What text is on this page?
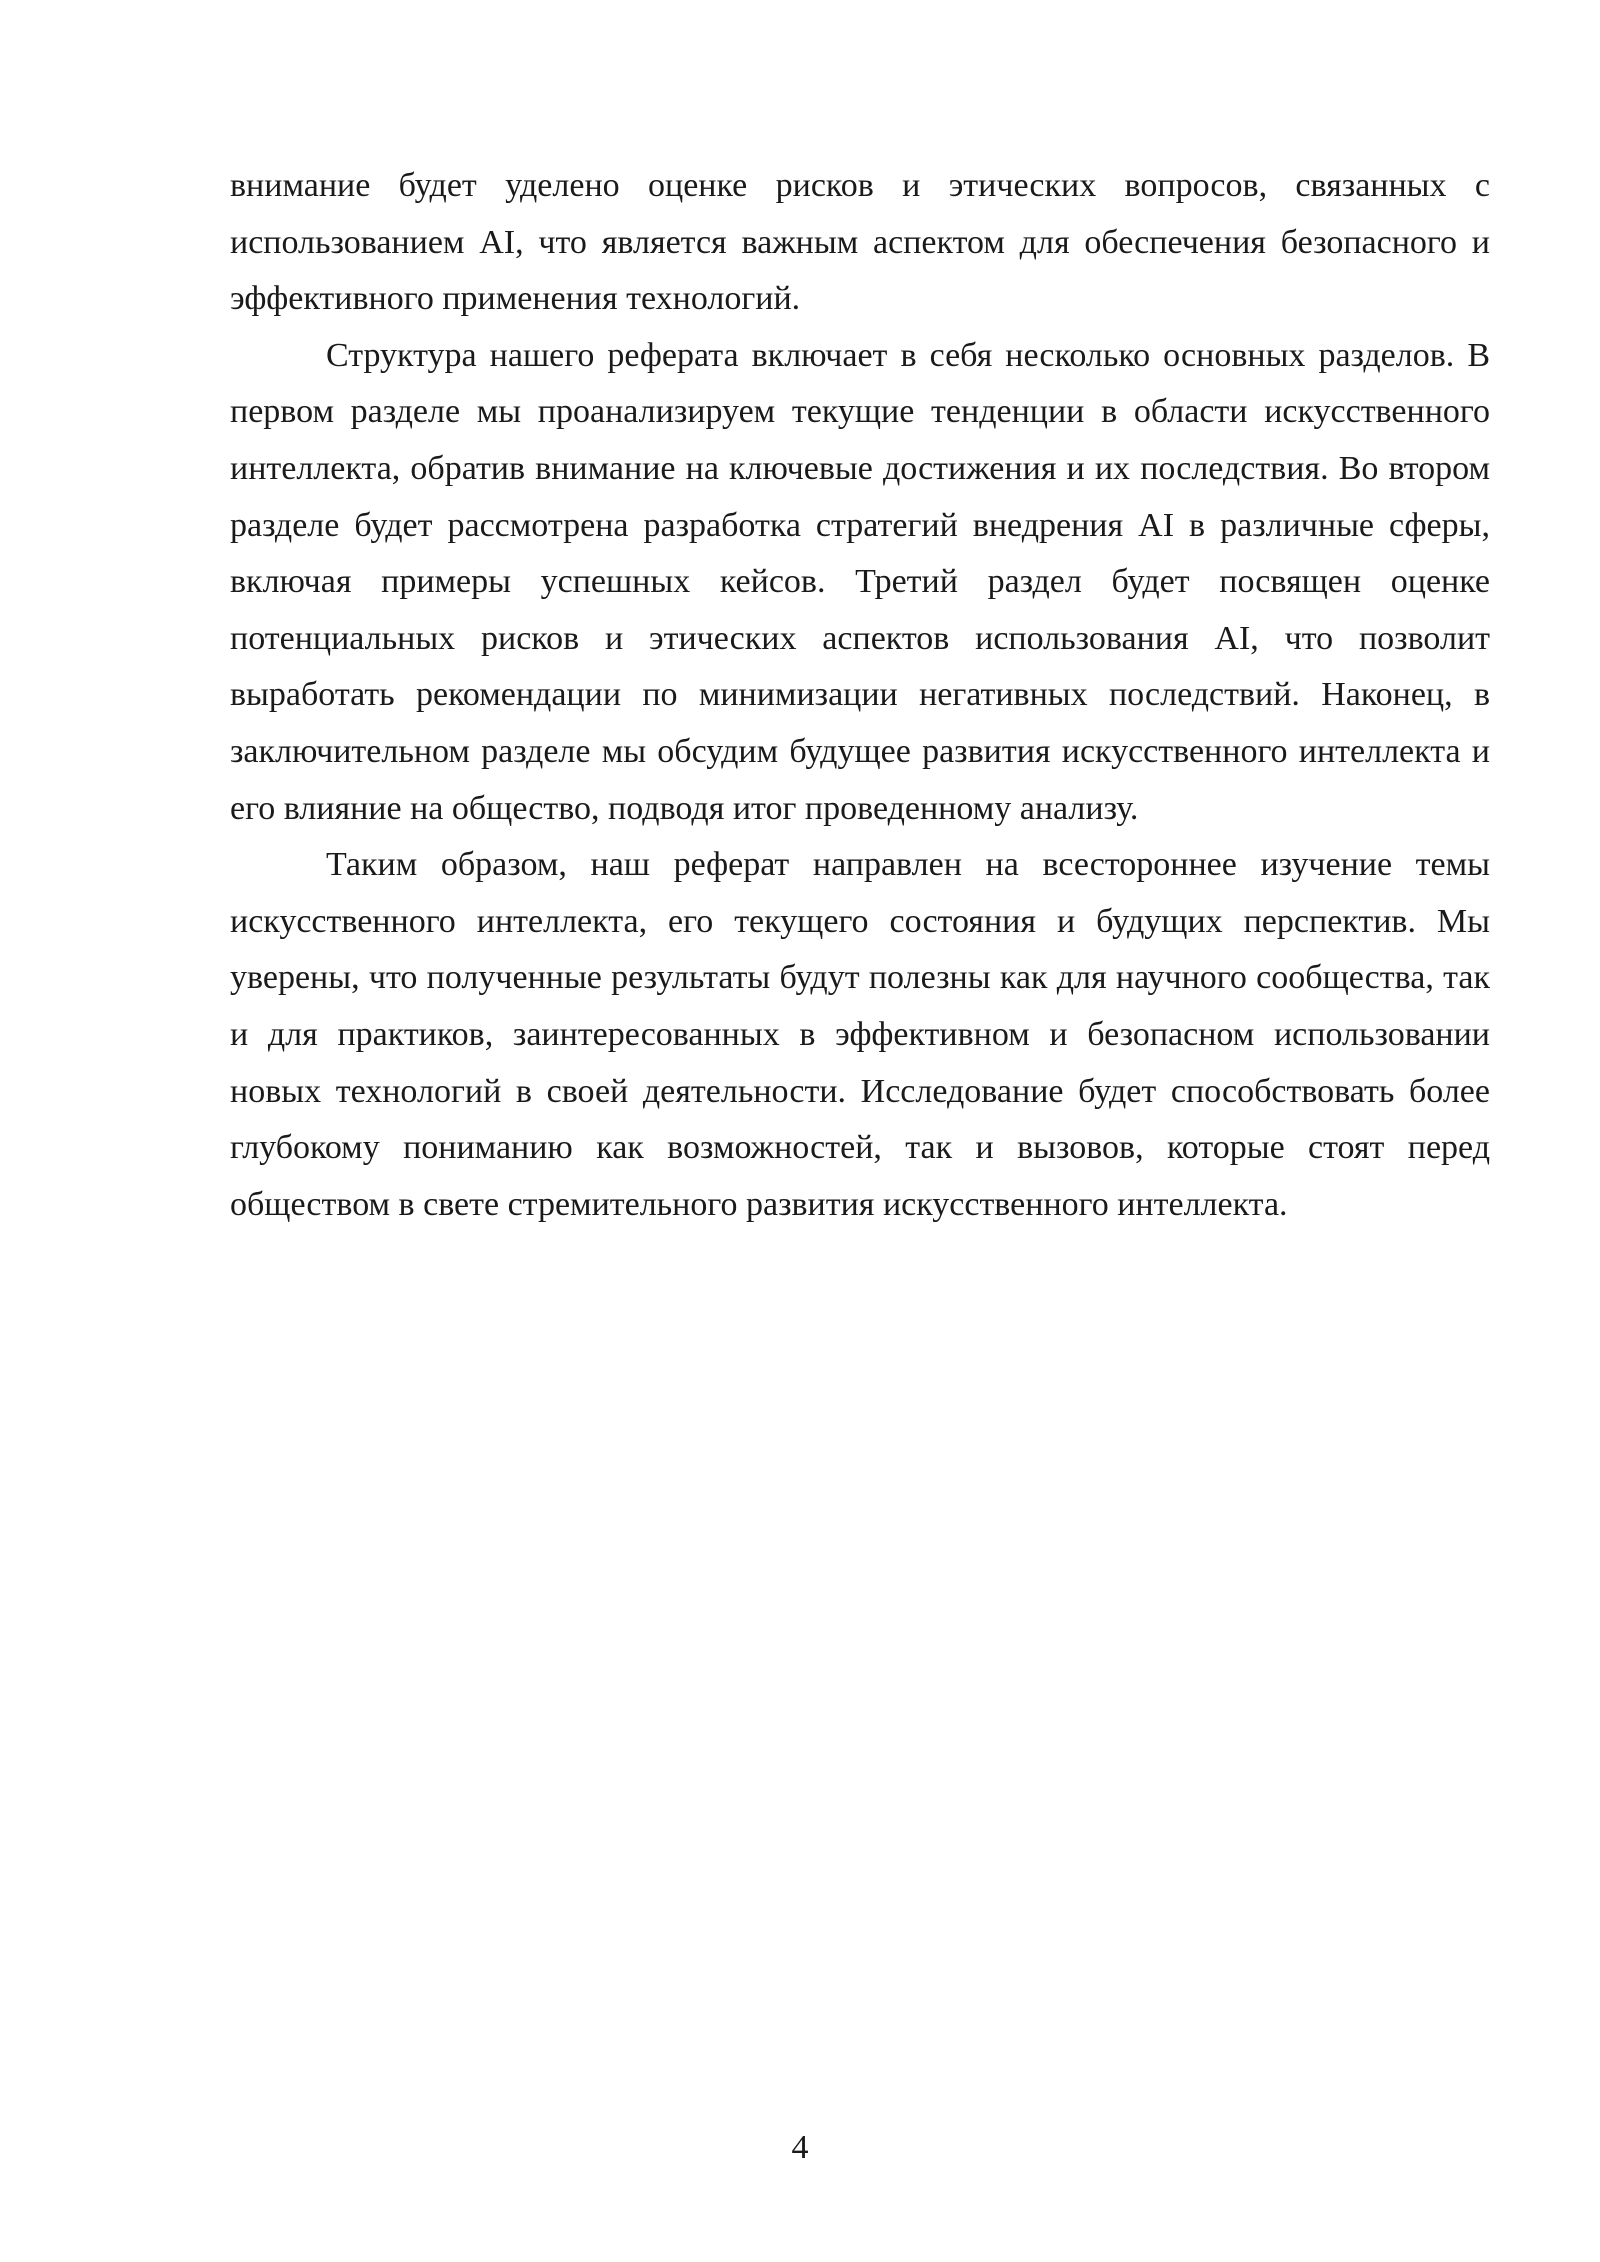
внимание будет уделено оценке рисков и этических вопросов, связанных с использованием AI, что является важным аспектом для обеспечения безопасного и эффективного применения технологий.

Структура нашего реферата включает в себя несколько основных разделов. В первом разделе мы проанализируем текущие тенденции в области искусственного интеллекта, обратив внимание на ключевые достижения и их последствия. Во втором разделе будет рассмотрена разработка стратегий внедрения AI в различные сферы, включая примеры успешных кейсов. Третий раздел будет посвящен оценке потенциальных рисков и этических аспектов использования AI, что позволит выработать рекомендации по минимизации негативных последствий. Наконец, в заключительном разделе мы обсудим будущее развития искусственного интеллекта и его влияние на общество, подводя итог проведенному анализу.

Таким образом, наш реферат направлен на всестороннее изучение темы искусственного интеллекта, его текущего состояния и будущих перспектив. Мы уверены, что полученные результаты будут полезны как для научного сообщества, так и для практиков, заинтересованных в эффективном и безопасном использовании новых технологий в своей деятельности. Исследование будет способствовать более глубокому пониманию как возможностей, так и вызовов, которые стоят перед обществом в свете стремительного развития искусственного интеллекта.

4
